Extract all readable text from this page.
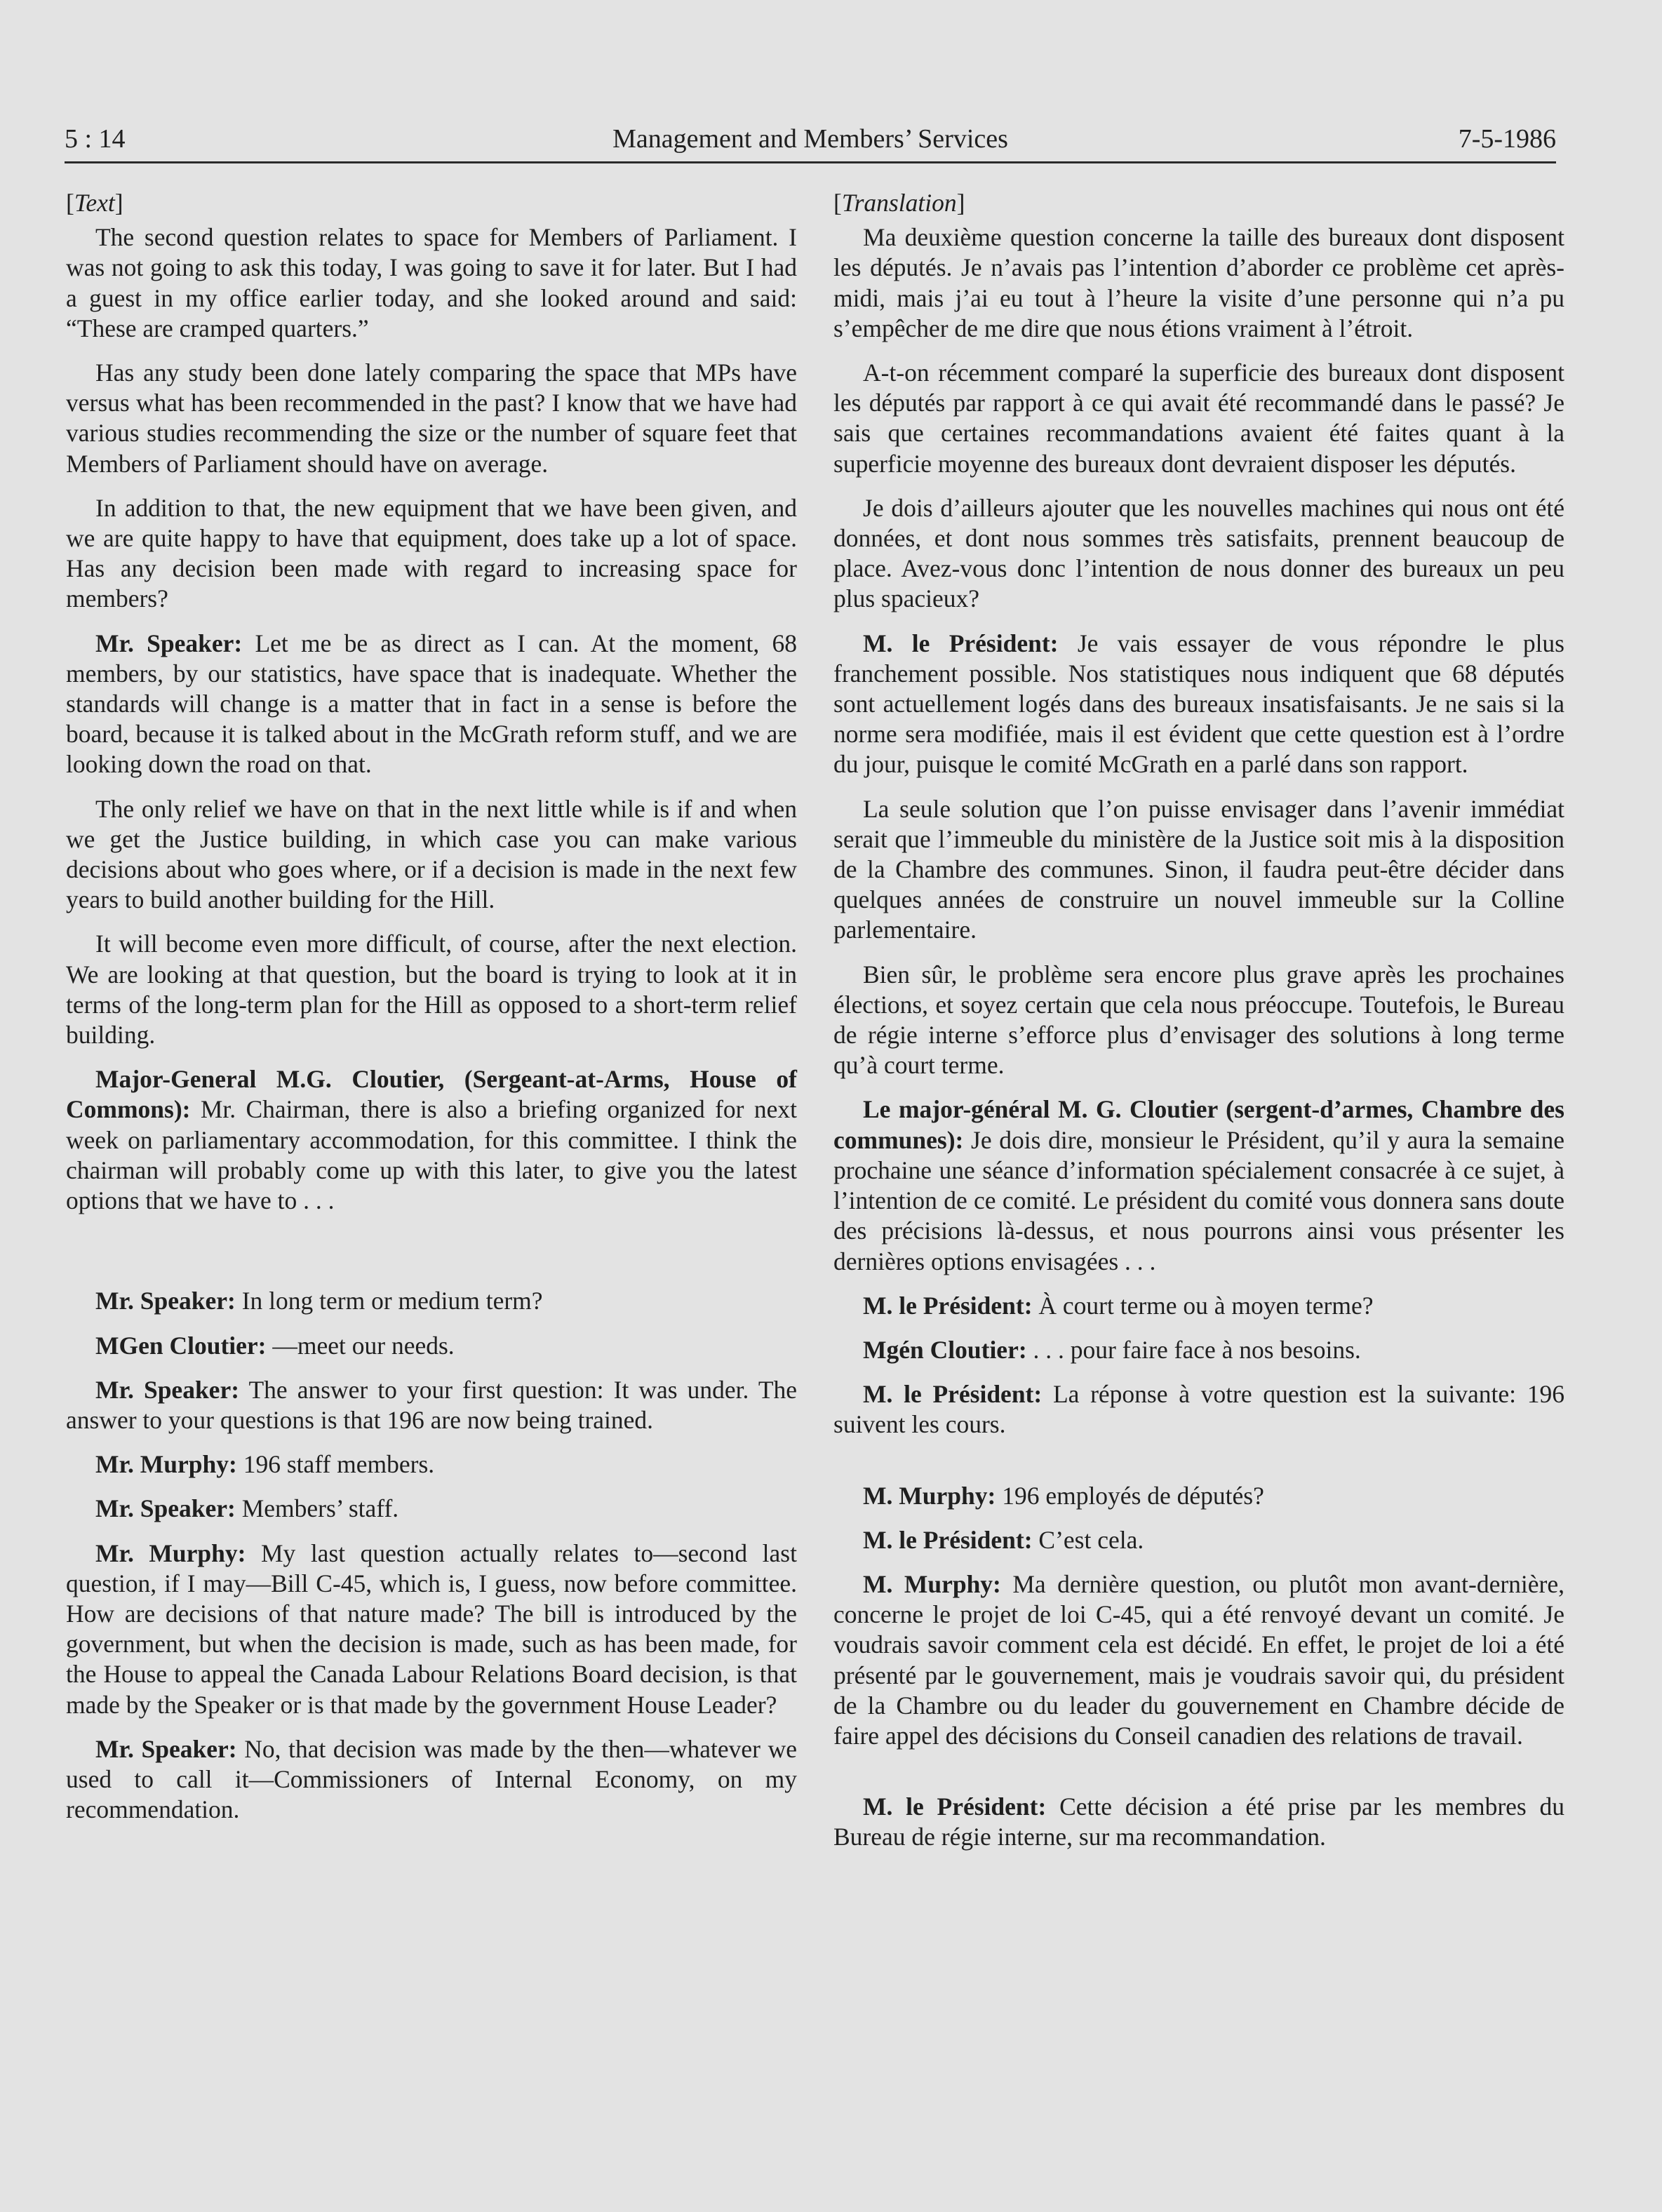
5 : 14	Management and Members’ Services	7-5-1986
[Text]

The second question relates to space for Members of Parliament. I was not going to ask this today, I was going to save it for later. But I had a guest in my office earlier today, and she looked around and said: “These are cramped quarters.”

Has any study been done lately comparing the space that MPs have versus what has been recommended in the past? I know that we have had various studies recommending the size or the number of square feet that Members of Parliament should have on average.

In addition to that, the new equipment that we have been given, and we are quite happy to have that equipment, does take up a lot of space. Has any decision been made with regard to increasing space for members?

Mr. Speaker: Let me be as direct as I can. At the moment, 68 members, by our statistics, have space that is inadequate. Whether the standards will change is a matter that in fact in a sense is before the board, because it is talked about in the McGrath reform stuff, and we are looking down the road on that.

The only relief we have on that in the next little while is if and when we get the Justice building, in which case you can make various decisions about who goes where, or if a decision is made in the next few years to build another building for the Hill.

It will become even more difficult, of course, after the next election. We are looking at that question, but the board is trying to look at it in terms of the long-term plan for the Hill as opposed to a short-term relief building.

Major-General M.G. Cloutier, (Sergeant-at-Arms, House of Commons): Mr. Chairman, there is also a briefing organized for next week on parliamentary accommodation, for this committee. I think the chairman will probably come up with this later, to give you the latest options that we have to . . .

Mr. Speaker: In long term or medium term?

MGen Cloutier: —meet our needs.

Mr. Speaker: The answer to your first question: It was under. The answer to your questions is that 196 are now being trained.

Mr. Murphy: 196 staff members.

Mr. Speaker: Members’ staff.

Mr. Murphy: My last question actually relates to—second last question, if I may—Bill C-45, which is, I guess, now before committee. How are decisions of that nature made? The bill is introduced by the government, but when the decision is made, such as has been made, for the House to appeal the Canada Labour Relations Board decision, is that made by the Speaker or is that made by the government House Leader?

Mr. Speaker: No, that decision was made by the then—whatever we used to call it—Commissioners of Internal Economy, on my recommendation.

[Translation]

Ma deuxième question concerne la taille des bureaux dont disposent les députés. Je n’avais pas l’intention d’aborder ce problème cet après-midi, mais j’ai eu tout à l’heure la visite d’une personne qui n’a pu s’empêcher de me dire que nous étions vraiment à l’étroit.

A-t-on récemment comparé la superficie des bureaux dont disposent les députés par rapport à ce qui avait été recommandé dans le passé? Je sais que certaines recommandations avaient été faites quant à la superficie moyenne des bureaux dont devraient disposer les députés.

Je dois d’ailleurs ajouter que les nouvelles machines qui nous ont été données, et dont nous sommes très satisfaits, prennent beaucoup de place. Avez-vous donc l’intention de nous donner des bureaux un peu plus spacieux?

M. le Président: Je vais essayer de vous répondre le plus franchement possible. Nos statistiques nous indiquent que 68 députés sont actuellement logés dans des bureaux insatisfaisants. Je ne sais si la norme sera modifiée, mais il est évident que cette question est à l’ordre du jour, puisque le comité McGrath en a parlé dans son rapport.

La seule solution que l’on puisse envisager dans l’avenir immédiat serait que l’immeuble du ministère de la Justice soit mis à la disposition de la Chambre des communes. Sinon, il faudra peut-être décider dans quelques années de construire un nouvel immeuble sur la Colline parlementaire.

Bien sûr, le problème sera encore plus grave après les prochaines élections, et soyez certain que cela nous préoccupe. Toutefois, le Bureau de régie interne s’efforce plus d’envisager des solutions à long terme qu’à court terme.

Le major-général M. G. Cloutier (sergent-d’armes, Chambre des communes): Je dois dire, monsieur le Président, qu’il y aura la semaine prochaine une séance d’information spécialement consacrée à ce sujet, à l’intention de ce comité. Le président du comité vous donnera sans doute des précisions là-dessus, et nous pourrons ainsi vous présenter les dernières options envisagées . . .

M. le Président: À court terme ou à moyen terme?

Mgén Cloutier: . . . pour faire face à nos besoins.

M. le Président: La réponse à votre question est la suivante: 196 suivent les cours.

M. Murphy: 196 employés de députés?

M. le Président: C’est cela.

M. Murphy: Ma dernière question, ou plutôt mon avant-dernière, concerne le projet de loi C-45, qui a été renvoyé devant un comité. Je voudrais savoir comment cela est décidé. En effet, le projet de loi a été présenté par le gouvernement, mais je voudrais savoir qui, du président de la Chambre ou du leader du gouvernement en Chambre décide de faire appel des décisions du Conseil canadien des relations de travail.

M. le Président: Cette décision a été prise par les membres du Bureau de régie interne, sur ma recommandation.
